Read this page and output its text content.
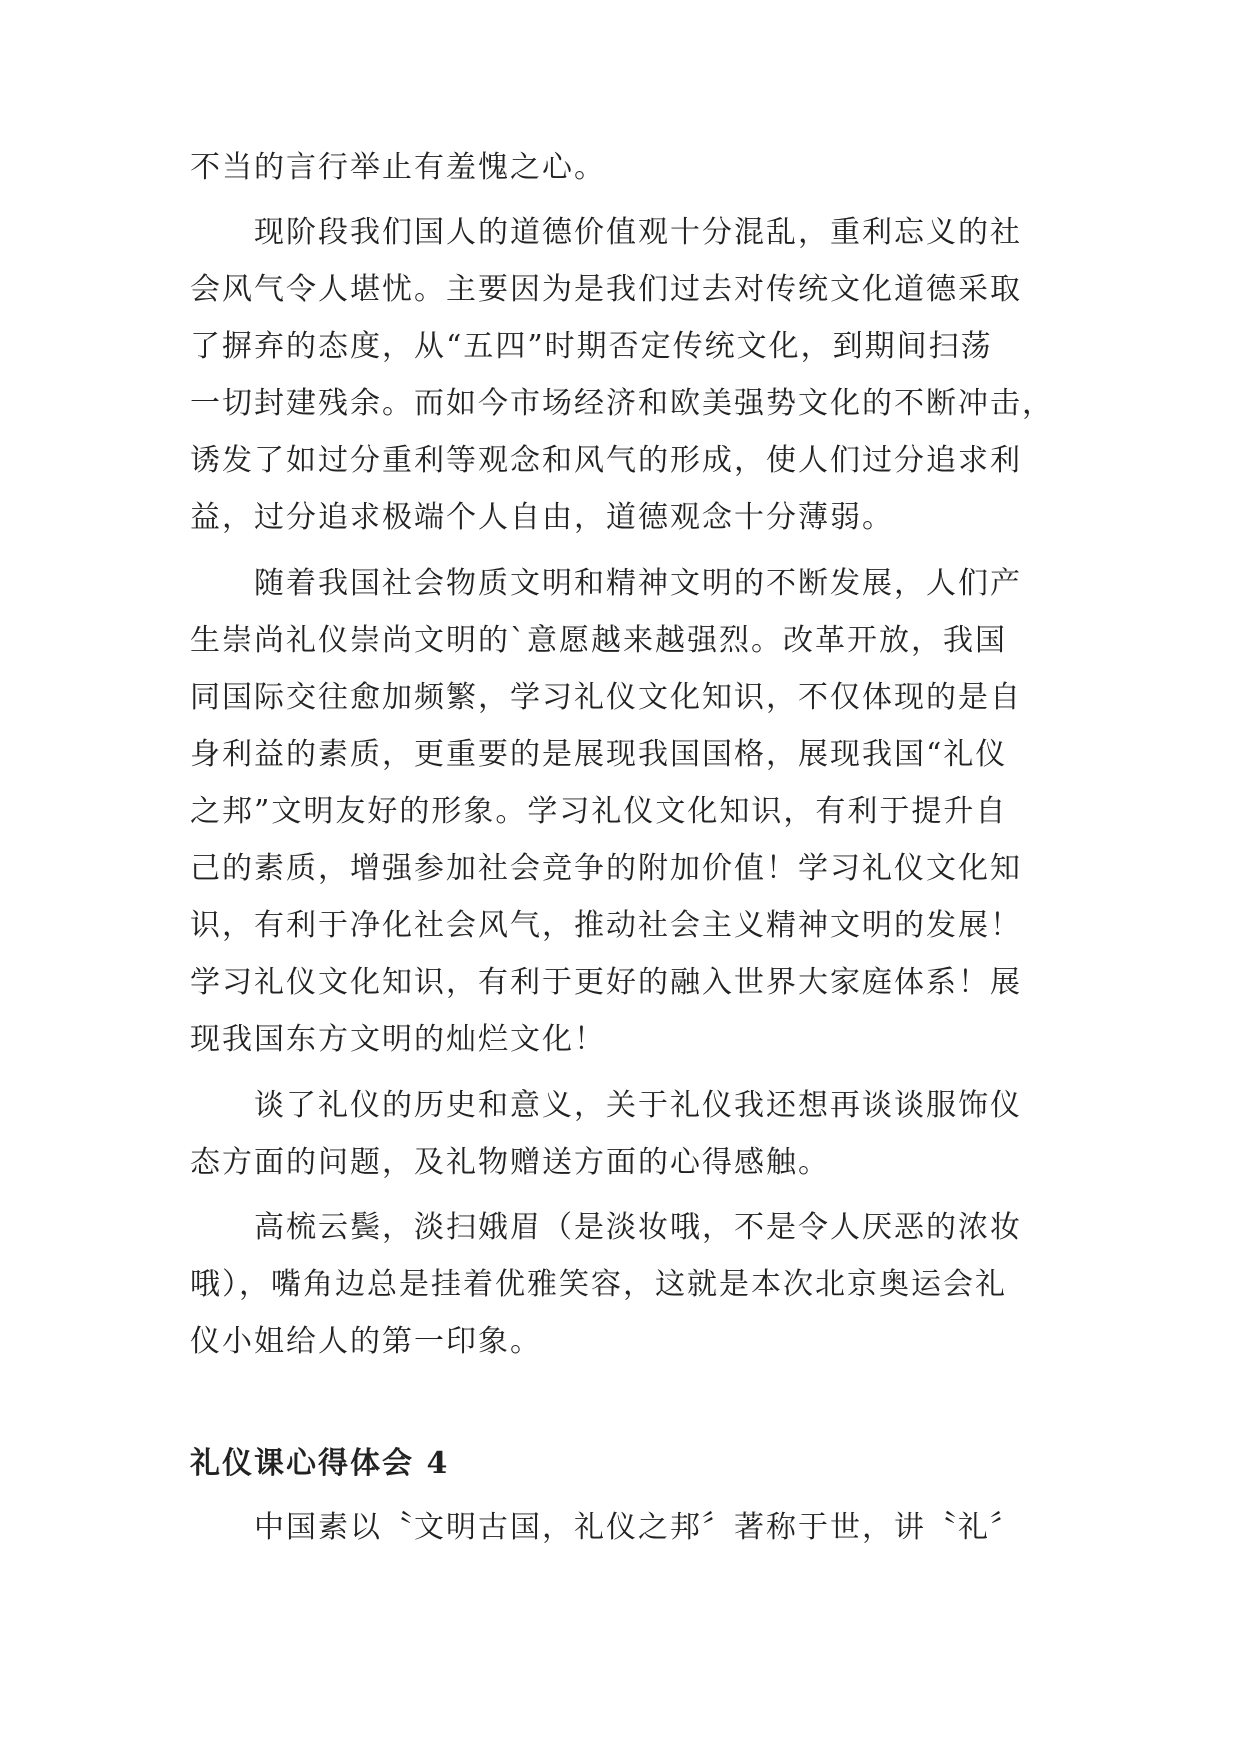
不当的言行举止有羞愧之心。

　　现阶段我们国人的道德价值观十分混乱，重利忘义的社

会风气令人堪忧。主要因为是我们过去对传统文化道德采取

了摒弃的态度，从“五四”时期否定传统文化，到期间扫荡

一切封建残余。而如今市场经济和欧美强势文化的不断冲击，

诱发了如过分重利等观念和风气的形成，使人们过分追求利

益，过分追求极端个人自由，道德观念十分薄弱。

　　随着我国社会物质文明和精神文明的不断发展，人们产

生崇尚礼仪崇尚文明的`意愿越来越强烈。改革开放，我国

同国际交往愈加频繁，学习礼仪文化知识，不仅体现的是自

身利益的素质，更重要的是展现我国国格，展现我国“礼仪

之邦”文明友好的形象。学习礼仪文化知识，有利于提升自

己的素质，增强参加社会竞争的附加价值！学习礼仪文化知

识，有利于净化社会风气，推动社会主义精神文明的发展！

学习礼仪文化知识，有利于更好的融入世界大家庭体系！展

现我国东方文明的灿烂文化！

　　谈了礼仪的历史和意义，关于礼仪我还想再谈谈服饰仪

态方面的问题，及礼物赠送方面的心得感触。

　　高梳云鬓，淡扫娥眉（是淡妆哦，不是令人厌恶的浓妆

哦），嘴角边总是挂着优雅笑容，这就是本次北京奥运会礼

仪小姐给人的第一印象。

礼仪课心得体会 4

　　中国素以〝文明古国，礼仪之邦〞著称于世，讲〝礼〞
